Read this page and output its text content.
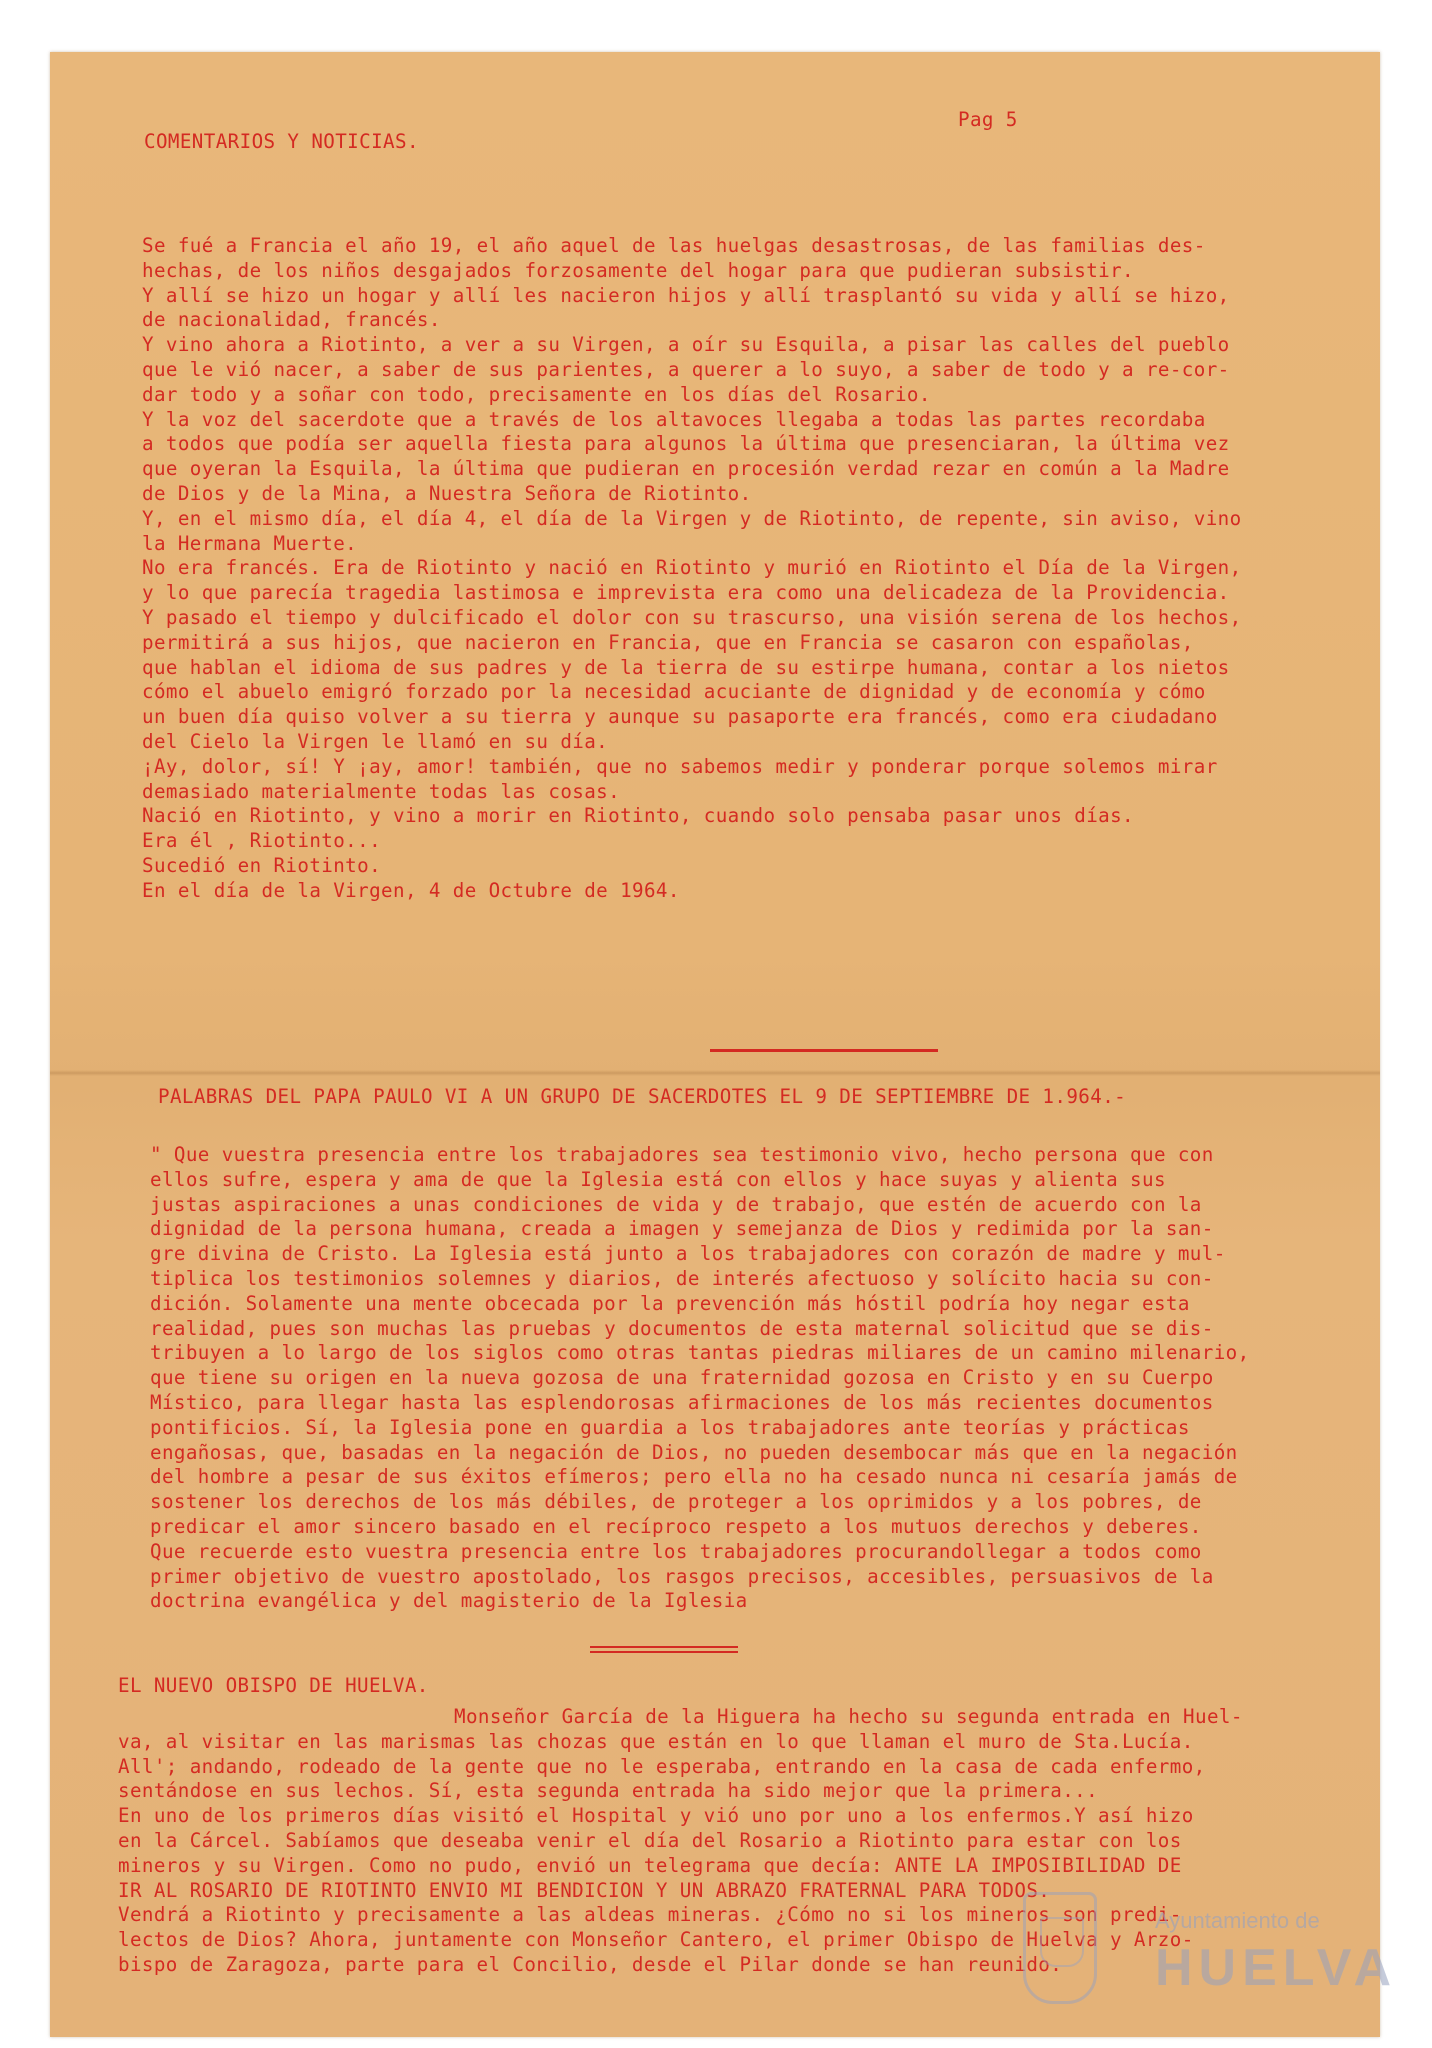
Pag 5
COMENTARIOS Y NOTICIAS.
Se fué a Francia el año 19, el año aquel de las huelgas desastrosas, de las familias des-
hechas, de los niños desgajados forzosamente del hogar para que pudieran subsistir.
Y allí se hizo un hogar y allí les nacieron hijos y allí trasplantó su vida y allí se hizo,
de nacionalidad, francés.
Y vino ahora a Riotinto, a ver a su Virgen, a oír su Esquila, a pisar las calles del pueblo
que le vió nacer, a saber de sus parientes, a querer a lo suyo, a saber de todo y a re-cor-
dar todo y a soñar con todo, precisamente en los días del Rosario.
Y la voz del sacerdote que a través de los altavoces llegaba a todas las partes recordaba
a todos que podía ser aquella fiesta para algunos la última que presenciaran, la última vez
que oyeran la Esquila, la última que pudieran en procesión verdad rezar en común a la Madre
de Dios y de la Mina, a Nuestra Señora de Riotinto.
Y, en el mismo día, el día 4, el día de la Virgen y de Riotinto, de repente, sin aviso, vino
la Hermana Muerte.
No era francés. Era de Riotinto y nació en Riotinto y murió en Riotinto el Día de la Virgen,
y lo que parecía tragedia lastimosa e imprevista era como una delicadeza de la Providencia.
Y pasado el tiempo y dulcificado el dolor con su trascurso, una visión serena de los hechos,
permitirá a sus hijos, que nacieron en Francia, que en Francia se casaron con españolas,
que hablan el idioma de sus padres y de la tierra de su estirpe humana, contar a los nietos
cómo el abuelo emigró forzado por la necesidad acuciante de dignidad y de economía y cómo
un buen día quiso volver a su tierra y aunque su pasaporte era francés, como era ciudadano
del Cielo la Virgen le llamó en su día.
¡Ay, dolor, sí! Y ¡ay, amor! también, que no sabemos medir y ponderar porque solemos mirar
demasiado materialmente todas las cosas.
Nació en Riotinto, y vino a morir en Riotinto, cuando solo pensaba pasar unos días.
Era él , Riotinto...
Sucedió en Riotinto.
En el día de la Virgen, 4 de Octubre de 1964.
PALABRAS DEL PAPA PAULO VI A UN GRUPO DE SACERDOTES EL 9 DE SEPTIEMBRE DE 1.964.-
" Que vuestra presencia entre los trabajadores sea testimonio vivo, hecho persona que con
ellos sufre, espera y ama de que la Iglesia está con ellos y hace suyas y alienta sus
justas aspiraciones a unas condiciones de vida y de trabajo, que estén de acuerdo con la
dignidad de la persona humana, creada a imagen y semejanza de Dios y redimida por la san-
gre divina de Cristo. La Iglesia está junto a los trabajadores con corazón de madre y mul-
tiplica los testimonios solemnes y diarios, de interés afectuoso y solícito hacia su con-
dición. Solamente una mente obcecada por la prevención más hóstil podría hoy negar esta
realidad, pues son muchas las pruebas y documentos de esta maternal solicitud que se dis-
tribuyen a lo largo de los siglos como otras tantas piedras miliares de un camino milenario,
que tiene su origen en la nueva gozosa de una fraternidad gozosa en Cristo y en su Cuerpo
Místico, para llegar hasta las esplendorosas afirmaciones de los más recientes documentos
pontificios. Sí, la Iglesia pone en guardia a los trabajadores ante teorías y prácticas
engañosas, que, basadas en la negación de Dios, no pueden desembocar más que en la negación
del hombre a pesar de sus éxitos efímeros; pero ella no ha cesado nunca ni cesaría jamás de
sostener los derechos de los más débiles, de proteger a los oprimidos y a los pobres, de
predicar el amor sincero basado en el recíproco respeto a los mutuos derechos y deberes.
Que recuerde esto vuestra presencia entre los trabajadores procurandollegar a todos como
primer objetivo de vuestro apostolado, los rasgos precisos, accesibles, persuasivos de la
doctrina evangélica y del magisterio de la Iglesia
EL NUEVO OBISPO DE HUELVA.
Monseñor García de la Higuera ha hecho su segunda entrada en Huel-
va, al visitar en las marismas las chozas que están en lo que llaman el muro de Sta.Lucía.
All'; andando, rodeado de la gente que no le esperaba, entrando en la casa de cada enfermo,
sentándose en sus lechos. Sí, esta segunda entrada ha sido mejor que la primera...
En uno de los primeros días visitó el Hospital y vió uno por uno a los enfermos.Y así hizo
en la Cárcel. Sabíamos que deseaba venir el día del Rosario a Riotinto para estar con los
mineros y su Virgen. Como no pudo, envió un telegrama que decía: ANTE LA IMPOSIBILIDAD DE
IR AL ROSARIO DE RIOTINTO ENVIO MI BENDICION Y UN ABRAZO FRATERNAL PARA TODOS.
Vendrá a Riotinto y precisamente a las aldeas mineras. ¿Cómo no si los mineros son predi-
lectos de Dios? Ahora, juntamente con Monseñor Cantero, el primer Obispo de Huelva y Arzo-
bispo de Zaragoza, parte para el Concilio, desde el Pilar donde se han reunido.
Ayuntamiento de
HUELVA
